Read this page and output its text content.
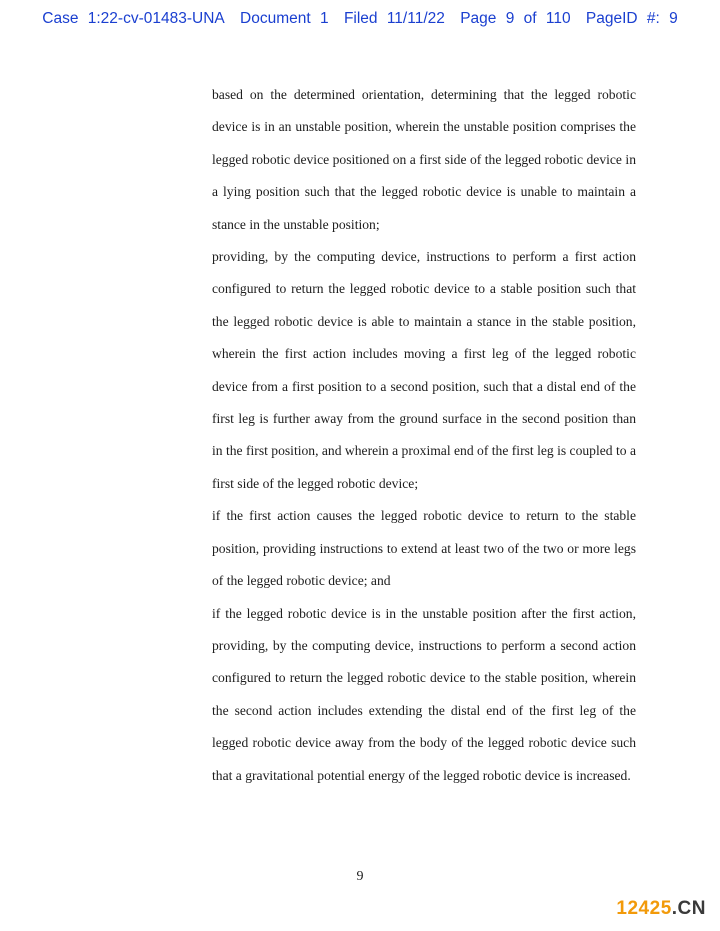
Case 1:22-cv-01483-UNA Document 1 Filed 11/11/22 Page 9 of 110 PageID #: 9

based on the determined orientation, determining that the legged robotic device is in an unstable position, wherein the unstable position comprises the legged robotic device positioned on a first side of the legged robotic device in a lying position such that the legged robotic device is unable to maintain a stance in the unstable position;

providing, by the computing device, instructions to perform a first action configured to return the legged robotic device to a stable position such that the legged robotic device is able to maintain a stance in the stable position, wherein the first action includes moving a first leg of the legged robotic device from a first position to a second position, such that a distal end of the first leg is further away from the ground surface in the second position than in the first position, and wherein a proximal end of the first leg is coupled to a first side of the legged robotic device;

if the first action causes the legged robotic device to return to the stable position, providing instructions to extend at least two of the two or more legs of the legged robotic device; and

if the legged robotic device is in the unstable position after the first action, providing, by the computing device, instructions to perform a second action configured to return the legged robotic device to the stable position, wherein the second action includes extending the distal end of the first leg of the legged robotic device away from the body of the legged robotic device such that a gravitational potential energy of the legged robotic device is increased.

9
12425.CN
